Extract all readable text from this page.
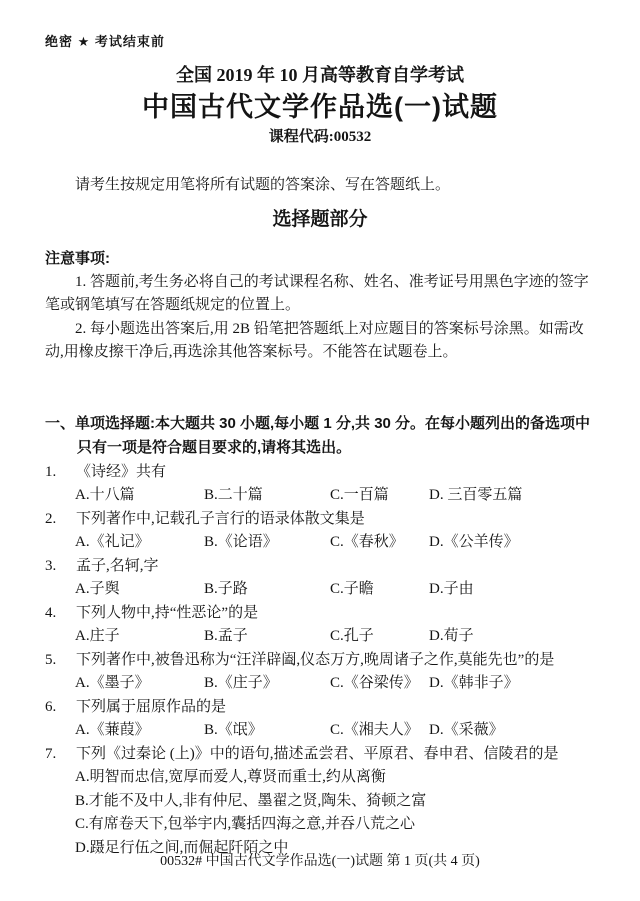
绝密 ★ 考试结束前
全国 2019 年 10 月高等教育自学考试
中国古代文学作品选(一)试题
课程代码:00532

请考生按规定用笔将所有试题的答案涂、写在答题纸上。

选择题部分
注意事项:

1. 答题前,考生务必将自己的考试课程名称、姓名、准考证号用黑色字迹的签字笔或钢笔填写在答题纸规定的位置上。

2. 每小题选出答案后,用 2B 铅笔把答题纸上对应题目的答案标号涂黑。如需改动,用橡皮擦干净后,再选涂其他答案标号。不能答在试题卷上。

一、单项选择题:本大题共 30 小题,每小题 1 分,共 30 分。在每小题列出的备选项中只有一项是符合题目要求的,请将其选出。
1.	《诗经》共有
A.十八篇	B.二十篇	C.一百篇	D. 三百零五篇
2.	下列著作中,记载孔子言行的语录体散文集是
A.《礼记》	B.《论语》	C.《春秋》	D.《公羊传》
3.	孟子,名轲,字
A.子舆	B.子路	C.子瞻	D.子由
4.	下列人物中,持“性恶论”的是
A.庄子	B.孟子	C.孔子	D.荀子
5.	下列著作中,被鲁迅称为“汪洋辟阖,仪态万方,晚周诸子之作,莫能先也”的是
A.《墨子》	B.《庄子》	C.《谷梁传》 D.《韩非子》
6.	下列属于屈原作品的是
A.《蒹葭》	B.《氓》	C.《湘夫人》 D.《采薇》
7.	下列《过秦论 (上)》中的语句,描述孟尝君、平原君、春申君、信陵君的是
A.明智而忠信,宽厚而爱人,尊贤而重士,约从离衡
B.才能不及中人,非有仲尼、墨翟之贤,陶朱、猗顿之富
C.有席卷天下,包举宇内,囊括四海之意,并吞八荒之心
D.蹑足行伍之间,而倔起阡陌之中
00532# 中国古代文学作品选(一)试题 第 1 页(共 4 页)
